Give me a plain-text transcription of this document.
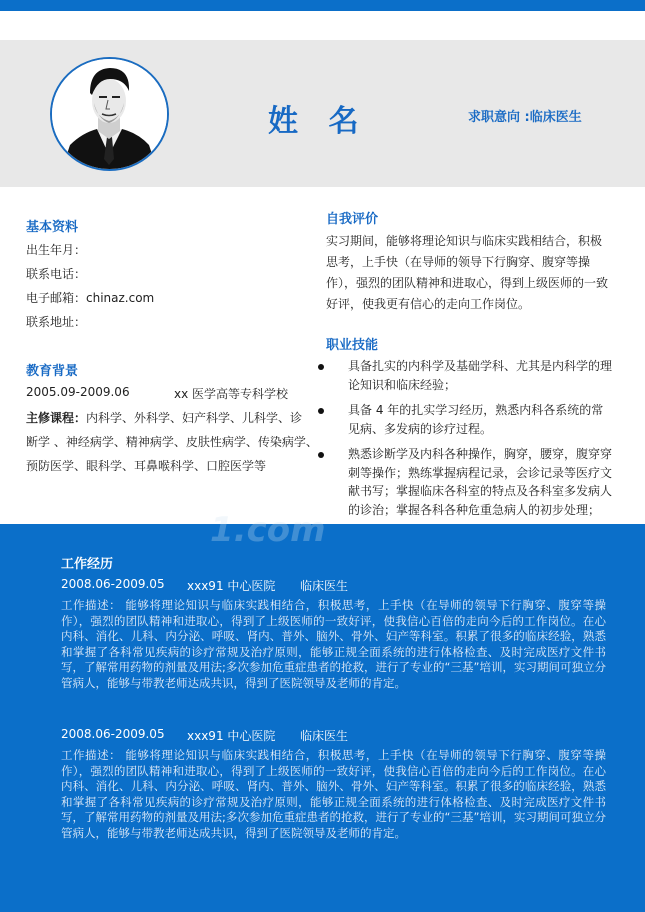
姓 名	求职意向 :临床医生
基本资料
出生年月：
联系电话：
电子邮箱：chinaz.com
联系地址：
教育背景
2005.09-2009.06	xx 医学高等专科学校
主修课程：内科学、外科学、妇产科学、儿科学、诊
断学 、神经病学、精神病学、皮肤性病学、传染病学、
预防医学、眼科学、耳鼻喉科学、口腔医学等
自我评价
实习期间，能够将理论知识与临床实践相结合，积极思考，上手快（在导师的领导下行胸穿、腹穿等操作），强烈的团队精神和进取心，得到上级医师的一致好评，使我更有信心的走向工作岗位。
职业技能
具备扎实的内科学及基础学科、尤其是内科学的理论知识和临床经验；
具备 4 年的扎实学习经历，熟悉内科各系统的常见病、多发病的诊疗过程。
熟悉诊断学及内科各种操作，胸穿，腰穿，腹穿穿刺等操作；熟练掌握病程记录，会诊记录等医疗文献书写；掌握临床各科室的特点及各科室多发病人的诊治；掌握各科各种危重急病人的初步处理；
1.com
工作经历
2008.06-2009.05 xxx91 中心医院 临床医生
工作描述： 能够将理论知识与临床实践相结合，积极思考，上手快（在导师的领导下行胸穿、腹穿等操作），强烈的团队精神和进取心，得到了上级医师的一致好评，使我信心百倍的走向今后的工作岗位。在心内科、消化、儿科、内分泌、呼吸、肾内、普外、脑外、骨外、妇产等科室。积累了很多的临床经验，熟悉和掌握了各科常见疾病的诊疗常规及治疗原则，能够正规全面系统的进行体格检查、及时完成医疗文件书写，了解常用药物的剂量及用法;多次参加危重症患者的抢救，进行了专业的“三基”培训，实习期间可独立分管病人，能够与带教老师达成共识，得到了医院领导及老师的肯定。
2008.06-2009.05 xxx91 中心医院 临床医生
工作描述： 能够将理论知识与临床实践相结合，积极思考，上手快（在导师的领导下行胸穿、腹穿等操作），强烈的团队精神和进取心，得到了上级医师的一致好评，使我信心百倍的走向今后的工作岗位。在心内科、消化、儿科、内分泌、呼吸、肾内、普外、脑外、骨外、妇产等科室。积累了很多的临床经验，熟悉和掌握了各科常见疾病的诊疗常规及治疗原则，能够正规全面系统的进行体格检查、及时完成医疗文件书写，了解常用药物的剂量及用法;多次参加危重症患者的抢救，进行了专业的“三基”培训，实习期间可独立分管病人，能够与带教老师达成共识，得到了医院领导及老师的肯定。
